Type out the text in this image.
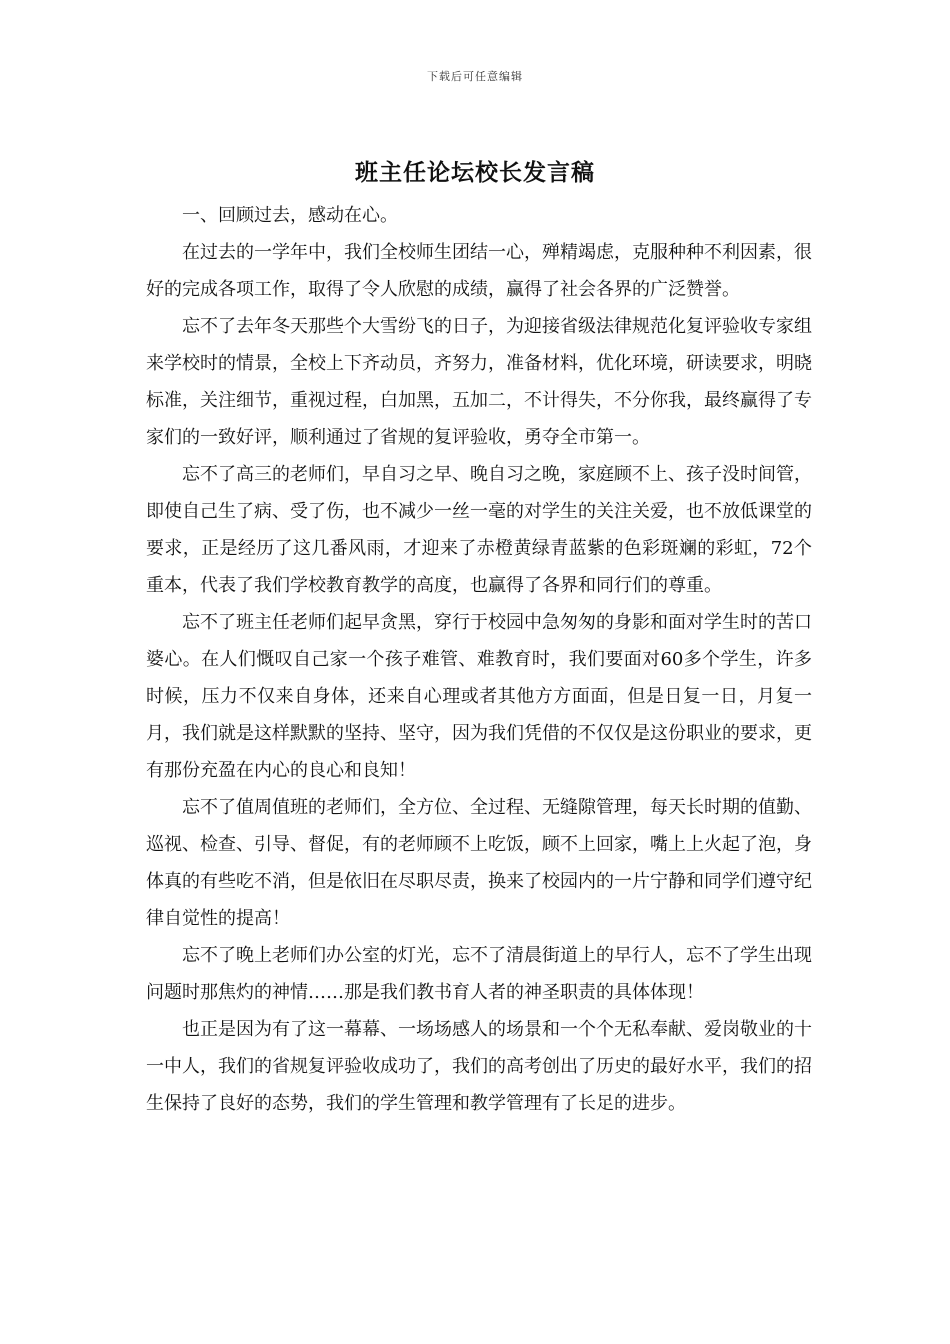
下载后可任意编辑
班主任论坛校长发言稿

一、回顾过去，感动在心。

在过去的一学年中，我们全校师生团结一心，殚精竭虑，克服种种不利因素，很好的完成各项工作，取得了令人欣慰的成绩，赢得了社会各界的广泛赞誉。

忘不了去年冬天那些个大雪纷飞的日子，为迎接省级法律规范化复评验收专家组来学校时的情景，全校上下齐动员，齐努力，准备材料，优化环境，研读要求，明晓标准，关注细节，重视过程，白加黑，五加二，不计得失，不分你我，最终赢得了专家们的一致好评，顺利通过了省规的复评验收，勇夺全市第一。

忘不了高三的老师们，早自习之早、晚自习之晚，家庭顾不上、孩子没时间管，即使自己生了病、受了伤，也不减少一丝一毫的对学生的关注关爱，也不放低课堂的要求，正是经历了这几番风雨，才迎来了赤橙黄绿青蓝紫的色彩斑斓的彩虹，72个重本，代表了我们学校教育教学的高度，也赢得了各界和同行们的尊重。

忘不了班主任老师们起早贪黑，穿行于校园中急匆匆的身影和面对学生时的苦口婆心。在人们慨叹自己家一个孩子难管、难教育时，我们要面对60多个学生，许多时候，压力不仅来自身体，还来自心理或者其他方方面面，但是日复一日，月复一月，我们就是这样默默的坚持、坚守，因为我们凭借的不仅仅是这份职业的要求，更有那份充盈在内心的良心和良知！

忘不了值周值班的老师们，全方位、全过程、无缝隙管理，每天长时期的值勤、巡视、检查、引导、督促，有的老师顾不上吃饭，顾不上回家，嘴上上火起了泡，身体真的有些吃不消，但是依旧在尽职尽责，换来了校园内的一片宁静和同学们遵守纪律自觉性的提高！

忘不了晚上老师们办公室的灯光，忘不了清晨街道上的早行人，忘不了学生出现问题时那焦灼的神情……那是我们教书育人者的神圣职责的具体体现！

也正是因为有了这一幕幕、一场场感人的场景和一个个无私奉献、爱岗敬业的十一中人，我们的省规复评验收成功了，我们的高考创出了历史的最好水平，我们的招生保持了良好的态势，我们的学生管理和教学管理有了长足的进步。
